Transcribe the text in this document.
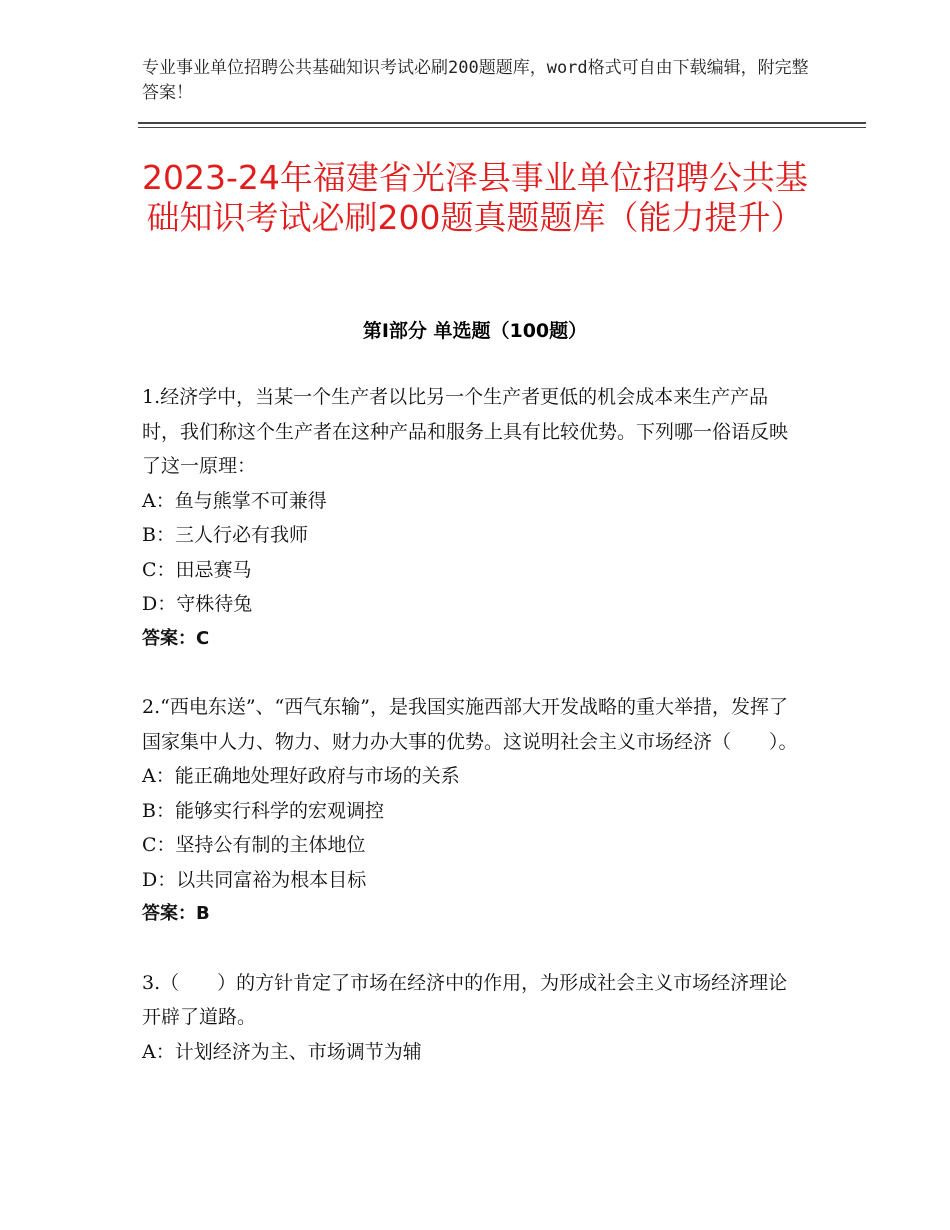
专业事业单位招聘公共基础知识考试必刷200题题库，word格式可自由下载编辑，附完整答案！
2023-24年福建省光泽县事业单位招聘公共基础知识考试必刷200题真题题库（能力提升）
第Ⅰ部分 单选题（100题）

1.经济学中，当某一个生产者以比另一个生产者更低的机会成本来生产产品时，我们称这个生产者在这种产品和服务上具有比较优势。下列哪一俗语反映了这一原理：

A：鱼与熊掌不可兼得

B：三人行必有我师

C：田忌赛马

D：守株待兔

答案：C

2.“西电东送”、“西气东输”，是我国实施西部大开发战略的重大举措，发挥了国家集中人力、物力、财力办大事的优势。这说明社会主义市场经济（　　）。

A：能正确地处理好政府与市场的关系

B：能够实行科学的宏观调控

C：坚持公有制的主体地位

D：以共同富裕为根本目标

答案：B

3.（　　）的方针肯定了市场在经济中的作用，为形成社会主义市场经济理论开辟了道路。

A：计划经济为主、市场调节为辅
